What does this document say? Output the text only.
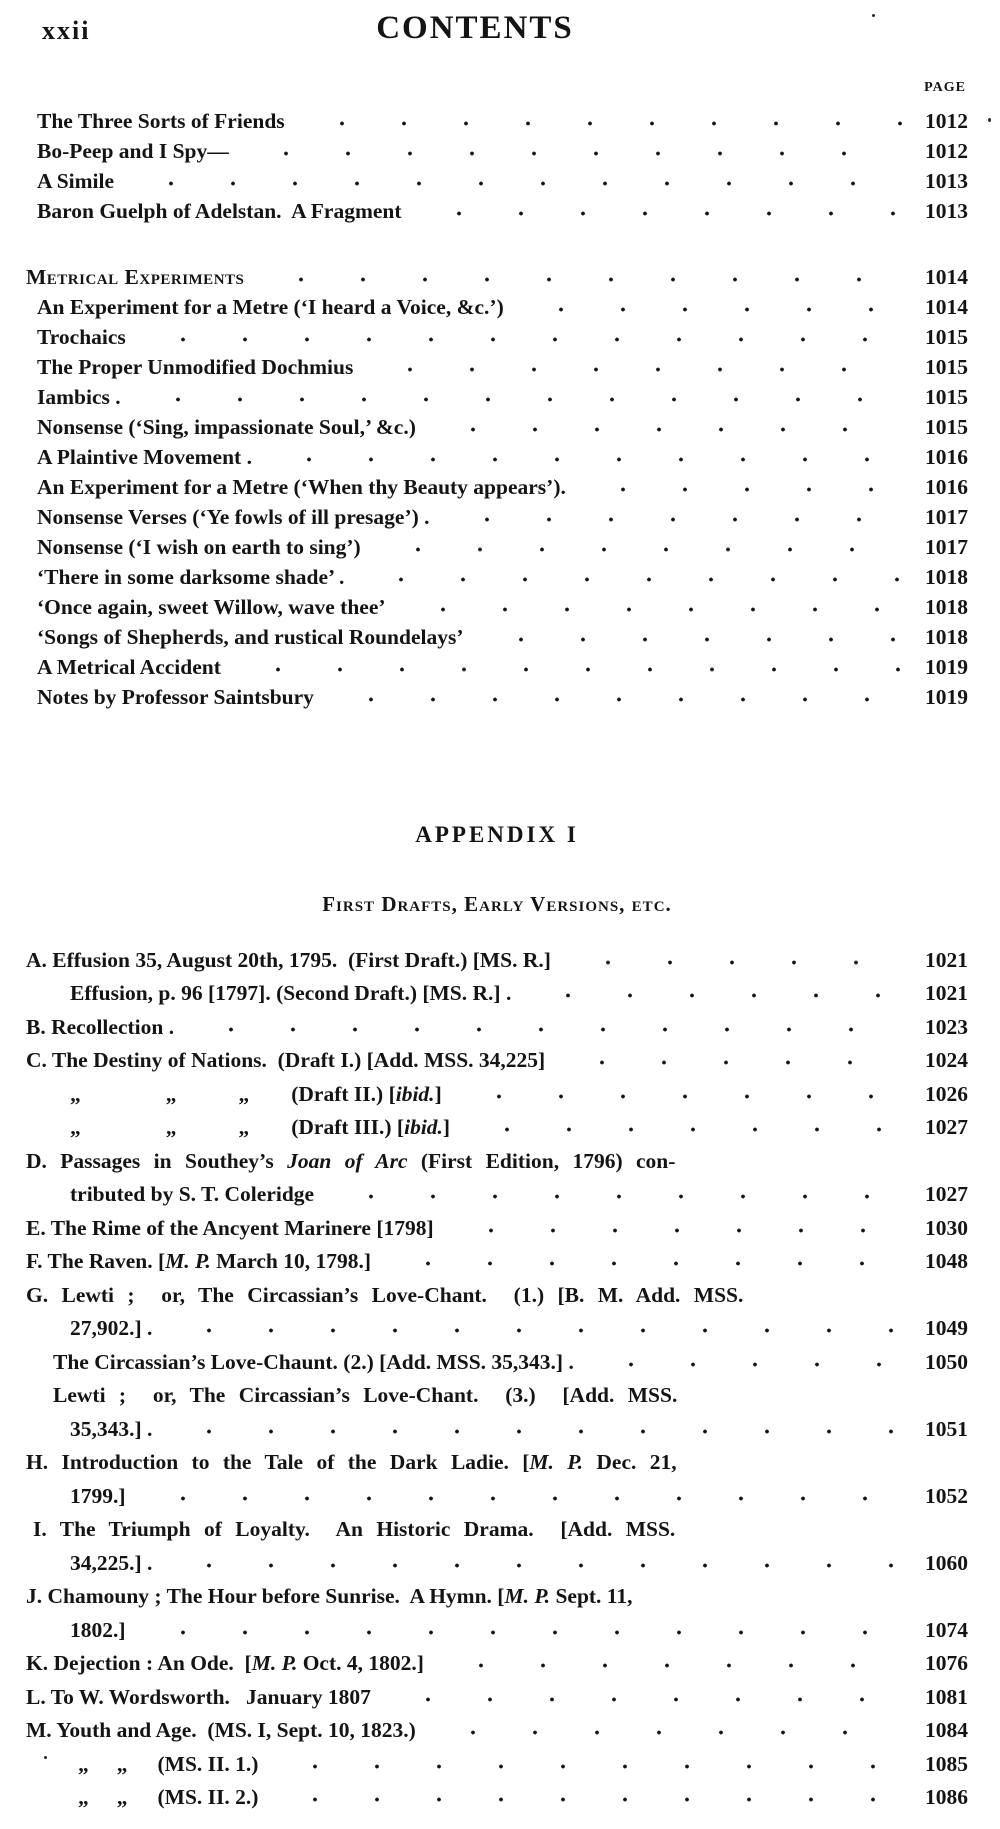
xxii	CONTENTS
PAGE
The Three Sorts of Friends	1012
Bo-Peep and I Spy—	1012
A Simile	1013
Baron Guelph of Adelstan.  A Fragment	1013
Metrical Experiments	1014
An Experiment for a Metre (‘I heard a Voice, &c.’)	1014
Trochaics	1015
The Proper Unmodified Dochmius	1015
Iambics .	1015
Nonsense (‘Sing, impassionate Soul,’ &c.)	1015
A Plaintive Movement .	1016
An Experiment for a Metre (‘When thy Beauty appears’).	1016
Nonsense Verses (‘Ye fowls of ill presage’) .	1017
Nonsense (‘I wish on earth to sing’)	1017
‘There in some darksome shade’ .	1018
‘Once again, sweet Willow, wave thee’	1018
‘Songs of Shepherds, and rustical Roundelays’	1018
A Metrical Accident	1019
Notes by Professor Saintsbury	1019
APPENDIX I
First Drafts, Early Versions, etc.
A. Effusion 35, August 20th, 1795.  (First Draft.) [MS. R.]	1021
Effusion, p. 96 [1797]. (Second Draft.) [MS. R.] .	1021
B. Recollection .	1023
C. The Destiny of Nations.  (Draft I.) [Add. MSS. 34,225]	1024
„	„	„ (Draft II.) [ibid.]	1026
„	„	„ (Draft III.) [ibid.]	1027
D. Passages in Southey’s Joan of Arc (First Edition, 1796) con-
tributed by S. T. Coleridge	1027
E. The Rime of the Ancyent Marinere [1798]	1030
F. The Raven. [M. P. March 10, 1798.]	1048
G. Lewti ;  or, The Circassian’s Love-Chant.  (1.) [B. M. Add. MSS.
27,902.] .	1049
The Circassian’s Love-Chaunt. (2.) [Add. MSS. 35,343.] .	1050
Lewti ;  or, The Circassian’s Love-Chant.  (3.)  [Add. MSS.
35,343.] .	1051
H. Introduction to the Tale of the Dark Ladie. [M. P. Dec. 21,
1799.]	1052
I. The Triumph of Loyalty.  An Historic Drama.  [Add. MSS.
34,225.] .	1060
J. Chamouny ; The Hour before Sunrise.  A Hymn. [M. P. Sept. 11,
1802.]	1074
K. Dejection : An Ode.  [M. P. Oct. 4, 1802.]	1076
L. To W. Wordsworth.   January 1807	1081
M. Youth and Age.  (MS. I, Sept. 10, 1823.)	1084
„ „ (MS. II. 1.)	1085
„ „ (MS. II. 2.)	1086
